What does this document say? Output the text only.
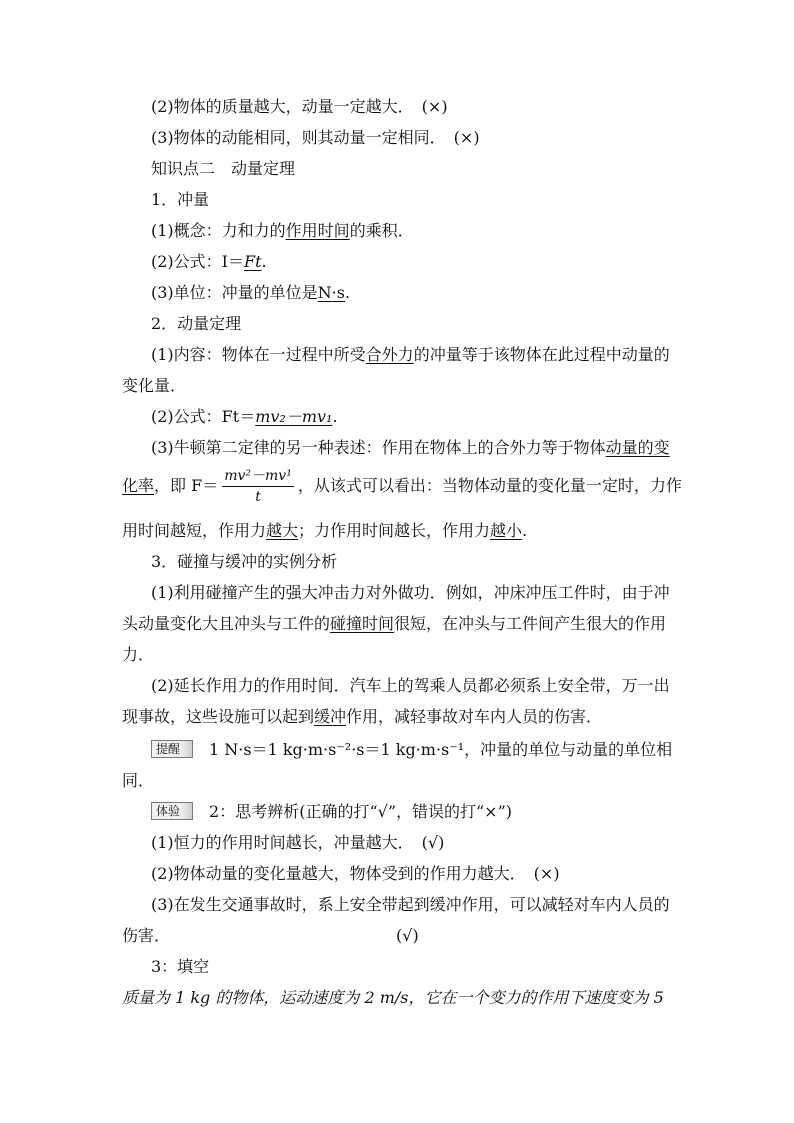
(2)物体的质量越大，动量一定越大．　(×)
(3)物体的动能相同，则其动量一定相同．　(×)
知识点二　动量定理
1．冲量
(1)概念：力和力的作用时间的乘积．
(2)公式：I＝Ft.
(3)单位：冲量的单位是N·s.
2．动量定理
(1)内容：物体在一过程中所受合外力的冲量等于该物体在此过程中动量的
变化量．
(2)公式：Ft＝mv₂－mv₁.
(3)牛顿第二定律的另一种表述：作用在物体上的合外力等于物体动量的变
化率，即 $F= \frac{\text{mv²－mv¹}}{t}$ ，从该式可以看出：当物体动量的变化量一定时，力作
用时间越短，作用力越大；力作用时间越长，作用力越小.
3．碰撞与缓冲的实例分析
(1)利用碰撞产生的强大冲击力对外做功．例如，冲床冲压工件时，由于冲
头动量变化大且冲头与工件的碰撞时间很短，在冲头与工件间产生很大的作用
力．
(2)延长作用力的作用时间．汽车上的驾乘人员都必须系上安全带，万一出
现事故，这些设施可以起到缓冲作用，减轻事故对车内人员的伤害．
提醒 1 N·s＝1 kg·m·s⁻²·s＝1 kg·m·s⁻¹，冲量的单位与动量的单位相
同．
体验 2：思考辨析(正确的打“√”，错误的打“×”)
(1)恒力的作用时间越长，冲量越大．　(√)
(2)物体动量的变化量越大，物体受到的作用力越大．　(×)
(3)在发生交通事故时，系上安全带起到缓冲作用，可以减轻对车内人员的
伤害．	(√)
3：填空
质量为 1 kg 的物体，运动速度为 2 m/s，它在一个变力的作用下速度变为 5
